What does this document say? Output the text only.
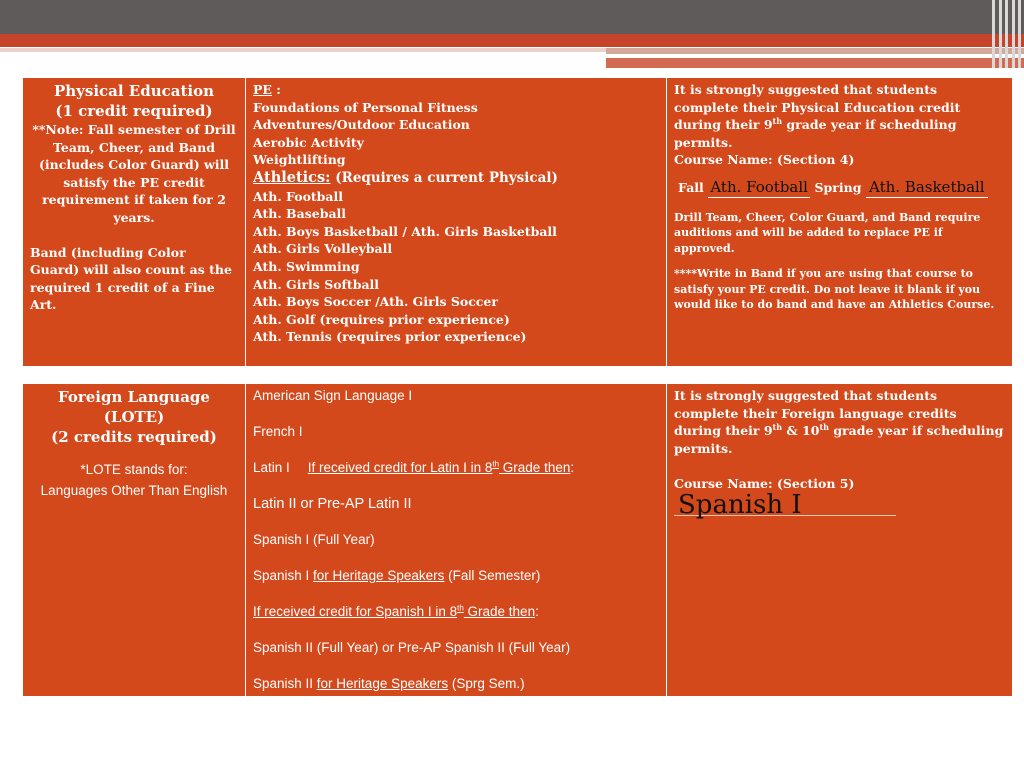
Physical Education
(1 credit required)

**Note: Fall semester of Drill Team, Cheer, and Band (includes Color Guard) will satisfy the PE credit requirement if taken for 2 years.

Band (including Color Guard) will also count as the required 1 credit of a Fine Art.

PE :
Foundations of Personal Fitness
Adventures/Outdoor Education
Aerobic Activity
Weightlifting
Athletics: (Requires a current Physical)
Ath. Football
Ath. Baseball
Ath. Boys Basketball / Ath. Girls Basketball
Ath. Girls Volleyball
Ath. Swimming
Ath. Girls Softball
Ath. Boys Soccer /Ath. Girls Soccer
Ath. Golf (requires prior experience)
Ath. Tennis (requires prior experience)

It is strongly suggested that students complete their Physical Education credit during their 9th grade year if scheduling permits.

Course Name: (Section 4)

Fall Ath. Football Spring Ath. Basketball

Drill Team, Cheer, Color Guard, and Band require auditions and will be added to replace PE if approved.

****Write in Band if you are using that course to satisfy your PE credit. Do not leave it blank if you would like to do band and have an Athletics Course.

Foreign Language
(LOTE)
(2 credits required)
*LOTE stands for:
Languages Other Than English

American Sign Language I

French I

Latin I If received credit for Latin I in 8th Grade then:

Latin II or Pre-AP Latin II

Spanish I (Full Year)

Spanish I for Heritage Speakers (Fall Semester)

If received credit for Spanish I in 8th Grade then:

Spanish II (Full Year) or Pre-AP Spanish II (Full Year)

Spanish II for Heritage Speakers (Sprg Sem.)

It is strongly suggested that students complete their Foreign language credits during their 9th & 10th grade year if scheduling permits.

Course Name: (Section 5)

Spanish I
